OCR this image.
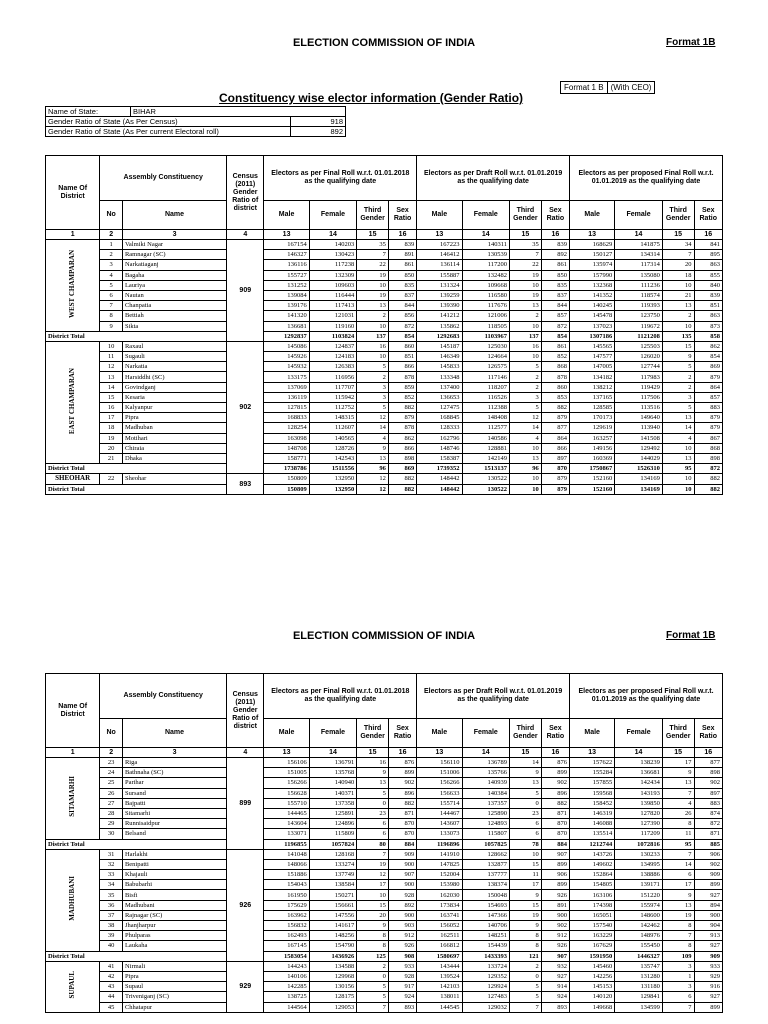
ELECTION COMMISSION OF INDIA	Format 1B
Format 1 B	(With CEO)
Constituency wise elector information (Gender Ratio)
Name of State:	BIHAR	
Gender Ratio of State (As Per Census)		918
Gender Ratio of State (As Per current Electoral roll)		892
Name Of District	Assembly Constituency		Census (2011) Gender Ratio of district	Electors as per Final Roll w.r.t. 01.01.2018 as the qualifying date				Electors as per Draft Roll w.r.t. 01.01.2019 as the qualifying date				Electors as per proposed Final Roll w.r.t. 01.01.2019 as the qualifying date			
	No	Name		Male	Female	Third Gender	Sex Ratio	Male	Female	Third Gender	Sex Ratio	Male	Female	Third Gender	Sex Ratio
1	2	3	4	13	14	15	16	13	14	15	16	13	14	15	16
WEST CHAMPARAN	1	Valmiki Nagar	909	167154	140203	35	839	167223	140311	35	839	168629	141875	34	841
	2	Ramnagar (SC)		146327	130423	7	891	146412	130539	7	892	150127	134314	7	895
	3	Narkatiaganj		136116	117238	22	861	136114	117200	22	861	135974	117314	20	863
	4	Bagaha		155727	132309	19	850	155887	132482	19	850	157990	135080	18	855
	5	Lauriya		131252	109603	10	835	131324	109668	10	835	132368	111236	10	840
	6	Nautan		139084	116444	19	837	139259	116580	19	837	141352	118574	21	839
	7	Chanpatia		139176	117413	13	844	139390	117676	13	844	140245	119393	13	851
	8	Bettiah		141320	121031	2	856	141212	121006	2	857	145478	123750	2	863
	9	Sikta		136681	119160	10	872	135862	118505	10	872	137023	119672	10	873
District Total				1292837	1103824	137	854	1292683	1103967	137	854	1307186	1121208	135	858
EAST CHAMPARAN	10	Raxaul	902	145086	124837	16	860	145187	125030	16	861	145565	125503	15	862
	11	Sugauli		145926	124183	10	851	146349	124664	10	852	147577	126020	9	854
	12	Narkatia		145932	126383	5	866	145833	126575	5	868	147005	127744	5	869
	13	Harsiddhi (SC)		133175	116956	2	878	133348	117146	2	878	134182	117983	2	879
	14	Govindganj		137069	117707	3	859	137400	118207	2	860	138212	119429	2	864
	15	Kesaria		136119	115942	3	852	136653	116526	3	853	137165	117506	3	857
	16	Kalyanpur		127815	112752	5	882	127475	112388	5	882	128585	113516	5	883
	17	Pipra		168833	148315	12	879	168845	148408	12	879	170173	149640	13	879
	18	Madhuban		128254	112607	14	878	128333	112577	14	877	129619	113940	14	879
	19	Motihari		163098	140565	4	862	162796	140586	4	864	163257	141508	4	867
	20	Chiraia		148708	128726	9	866	148746	128881	10	866	149156	129492	10	868
	21	Dhaka		158771	142543	13	898	158387	142149	13	897	160369	144029	13	898
District Total				1738786	1511556	96	869	1739352	1513137	96	870	1750867	1526310	95	872
SHEOHAR	22	Sheohar	893	150809	132950	12	882	148442	130522	10	879	152160	134169	10	882
District Total				150809	132950	12	882	148442	130522	10	879	152160	134169	10	882
ELECTION COMMISSION OF INDIA	Format 1B
Name Of District	Assembly Constituency		Census (2011) Gender Ratio of district	Electors as per Final Roll w.r.t. 01.01.2018 as the qualifying date				Electors as per Draft Roll w.r.t. 01.01.2019 as the qualifying date				Electors as per proposed Final Roll w.r.t. 01.01.2019 as the qualifying date			
	No	Name		Male	Female	Third Gender	Sex Ratio	Male	Female	Third Gender	Sex Ratio	Male	Female	Third Gender	Sex Ratio
1	2	3	4	13	14	15	16	13	14	15	16	13	14	15	16
SITAMARHI	23	Riga	899	156106	136791	16	876	156110	136789	14	876	157622	138239	17	877
	24	Bathnaha (SC)		151005	135768	9	899	151006	135766	9	899	155284	136681	9	898
	25	Parihar		156266	140940	13	902	156266	140939	13	902	157855	142434	13	902
	26	Sursand		156628	140371	5	896	156633	140384	5	896	159568	143193	7	897
	27	Bajpatti		155710	137358	0	882	155714	137357	0	882	158452	139850	4	883
	28	Sitamarhi		144465	125891	23	871	144467	125890	23	871	146319	127820	26	874
	29	Runnisaidpur		143604	124896	6	870	143607	124893	6	870	146088	127390	8	872
	30	Belsand		133071	115809	6	870	133073	115807	6	870	135514	117209	11	871
District Total				1196855	1057824	80	884	1196896	1057825	78	884	1212744	1072816	95	885
MADHUBANI	31	Harlakhi	926	141048	128168	7	909	141910	128662	10	907	143726	130233	7	906
	32	Benipatti		148066	133274	19	900	147825	132877	15	899	149602	134995	14	902
	33	Khajauli		151886	137749	12	907	152004	137777	11	906	152864	138886	6	909
	34	Babubarhi		154043	138584	17	900	153980	138374	17	899	154805	139171	17	899
	35	Bisfi		161950	150271	10	928	162030	150048	9	926	163106	151220	9	927
	36	Madhubani		175629	156661	15	892	173834	154693	15	891	174398	155974	13	894
	37	Rajnagar (SC)		163962	147556	20	900	163741	147366	19	900	165051	148600	19	900
	38	Jhanjharpur		156832	141617	9	903	156052	140706	9	902	157540	142462	8	904
	39	Phulparas		162493	148256	8	912	162511	148251	8	912	163229	148976	7	913
	40	Laukaha		167145	154790	8	926	166812	154439	8	926	167629	155450	8	927
District Total				1583054	1436926	125	908	1580697	1433393	121	907	1591950	1446327	109	909
SUPAUL	41	Nirmali	929	144243	134588	2	933	143444	133724	2	932	145460	135747	3	933
	42	Pipra		140106	129968	0	928	139524	129352	0	927	142256	131280	1	929
	43	Supaul		142285	130156	5	917	142103	129924	5	914	145153	131180	3	916
	44	Triveniganj (SC)		138725	128175	5	924	138011	127483	5	924	140120	129841	6	927
	45	Chhatapur		144564	129053	7	893	144545	129032	7	893	149668	134599	7	899
